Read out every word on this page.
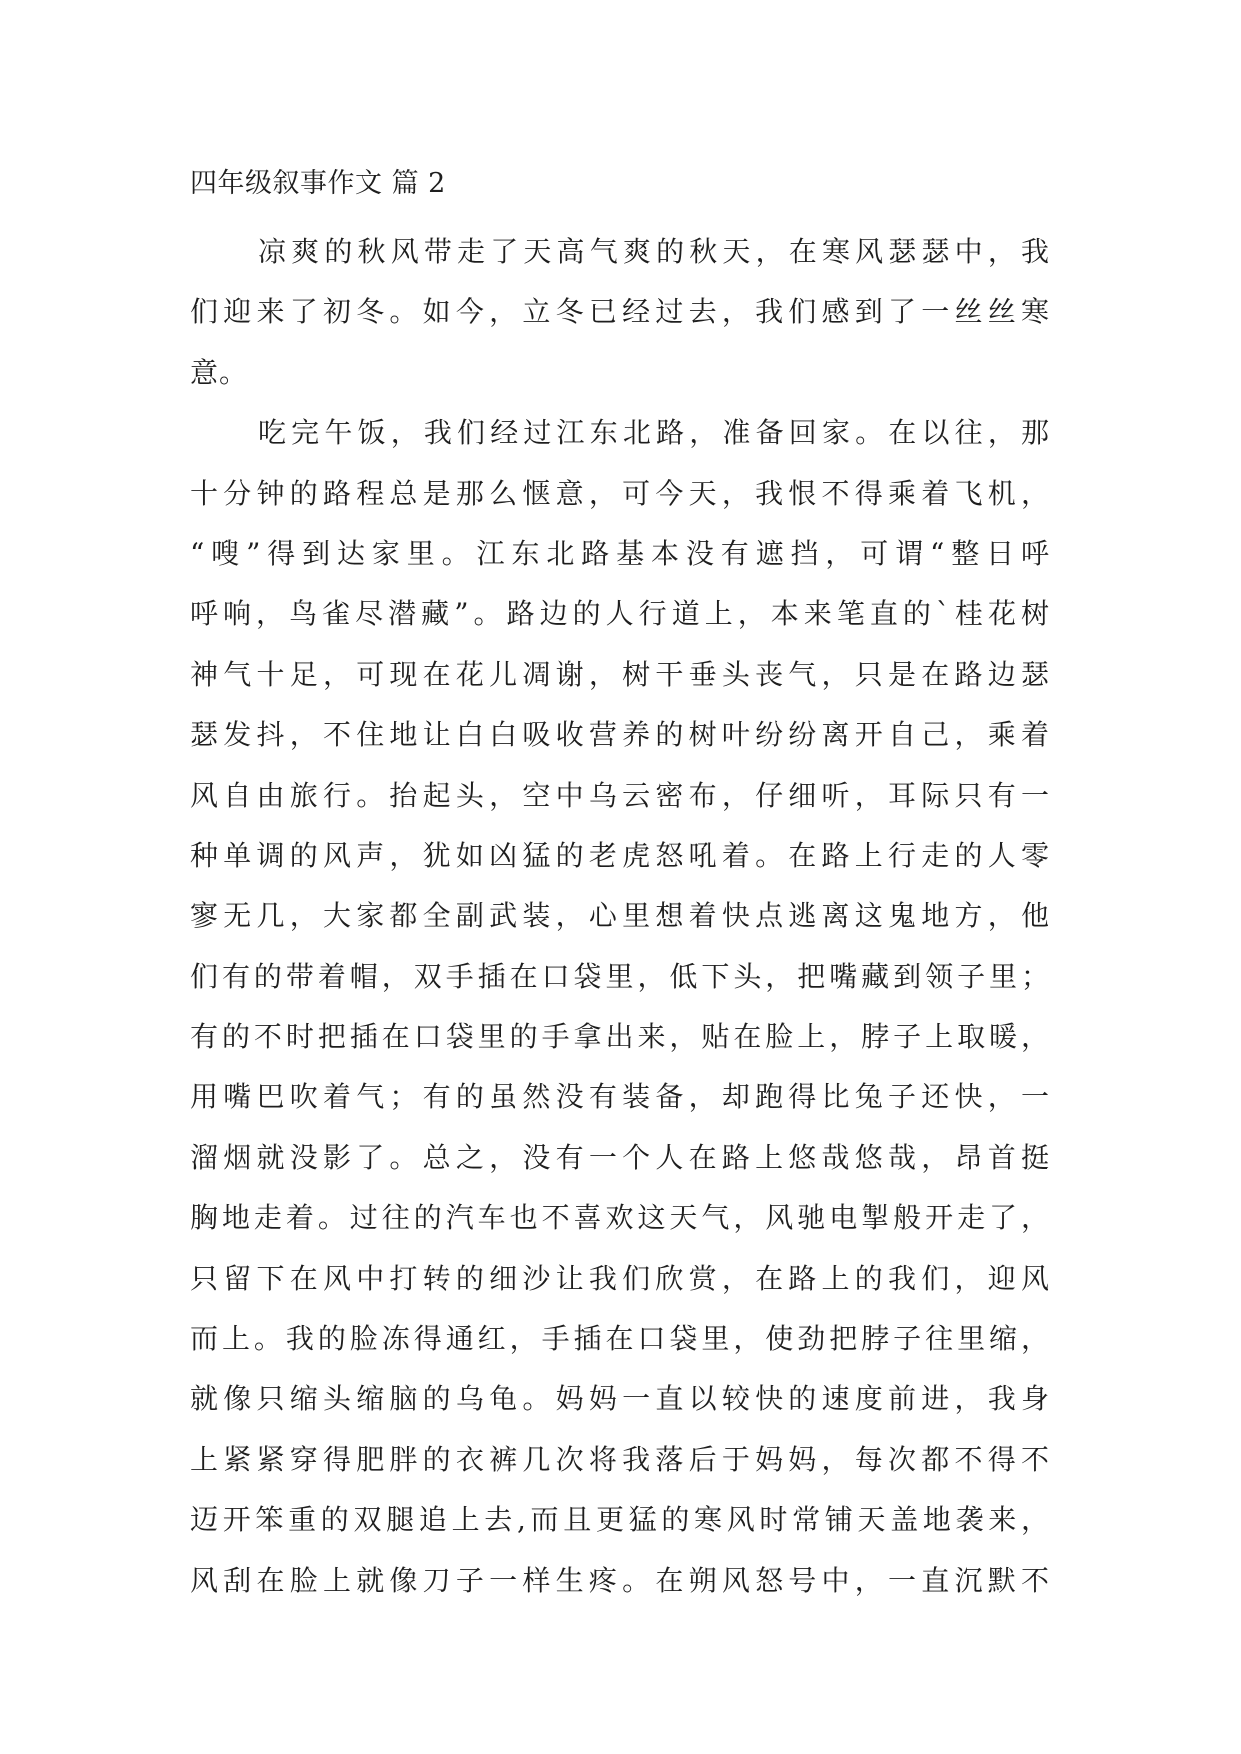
四年级叙事作文 篇 2
凉爽的秋风带走了天高气爽的秋天，在寒风瑟瑟中，我
们迎来了初冬。如今，立冬已经过去，我们感到了一丝丝寒
意。
吃完午饭，我们经过江东北路，准备回家。在以往，那
十分钟的路程总是那么惬意，可今天，我恨不得乘着飞机，
“嗖”得到达家里。江东北路基本没有遮挡，可谓“整日呼
呼响，鸟雀尽潜藏”。路边的人行道上，本来笔直的`桂花树
神气十足，可现在花儿凋谢，树干垂头丧气，只是在路边瑟
瑟发抖，不住地让白白吸收营养的树叶纷纷离开自己，乘着
风自由旅行。抬起头，空中乌云密布，仔细听，耳际只有一
种单调的风声，犹如凶猛的老虎怒吼着。在路上行走的人零
寥无几，大家都全副武装，心里想着快点逃离这鬼地方，他
们有的带着帽，双手插在口袋里，低下头，把嘴藏到领子里；
有的不时把插在口袋里的手拿出来，贴在脸上，脖子上取暖，
用嘴巴吹着气；有的虽然没有装备，却跑得比兔子还快，一
溜烟就没影了。总之，没有一个人在路上悠哉悠哉，昂首挺
胸地走着。过往的汽车也不喜欢这天气，风驰电掣般开走了，
只留下在风中打转的细沙让我们欣赏，在路上的我们，迎风
而上。我的脸冻得通红，手插在口袋里，使劲把脖子往里缩，
就像只缩头缩脑的乌龟。妈妈一直以较快的速度前进，我身
上紧紧穿得肥胖的衣裤几次将我落后于妈妈，每次都不得不
迈开笨重的双腿追上去,而且更猛的寒风时常铺天盖地袭来，
风刮在脸上就像刀子一样生疼。在朔风怒号中，一直沉默不
